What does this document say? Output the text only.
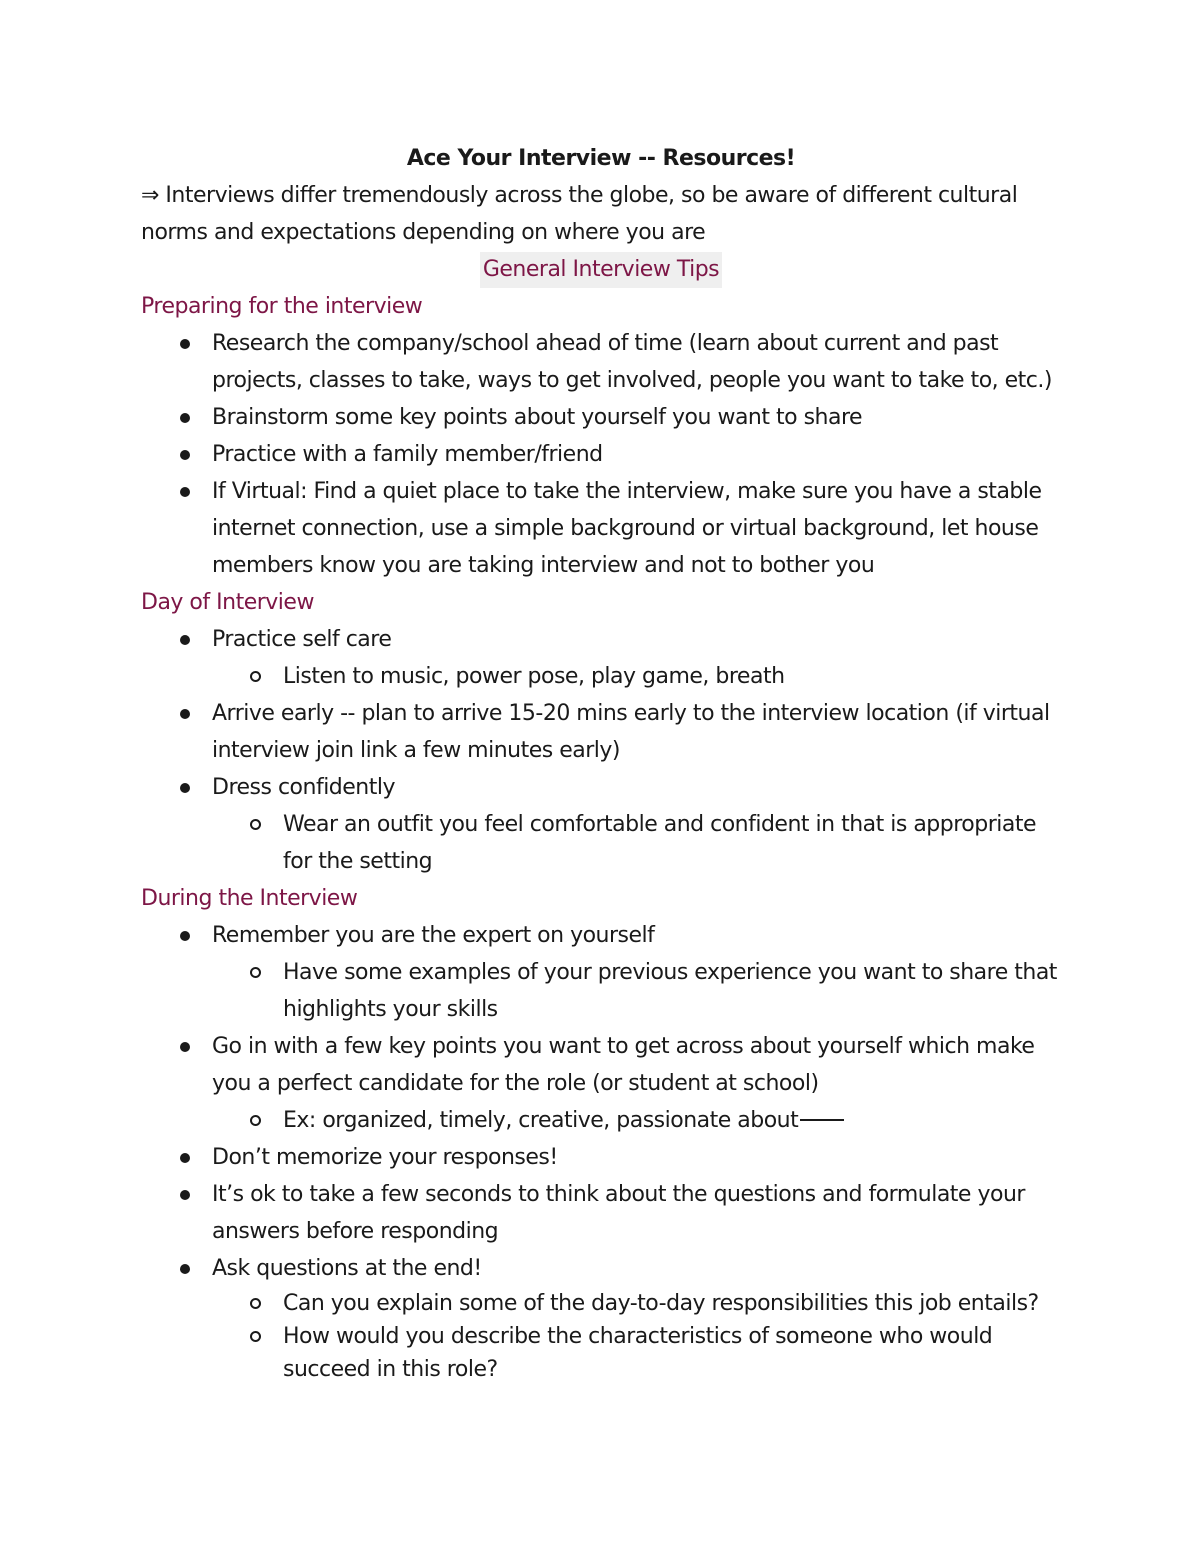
Ace Your Interview -- Resources!

⇒ Interviews differ tremendously across the globe, so be aware of different cultural norms and expectations depending on where you are

General Interview Tips

Preparing for the interview

Research the company/school ahead of time (learn about current and past projects, classes to take, ways to get involved, people you want to take to, etc.)
Brainstorm some key points about yourself you want to share
Practice with a family member/friend
If Virtual: Find a quiet place to take the interview, make sure you have a stable internet connection, use a simple background or virtual background, let house members know you are taking interview and not to bother you

Day of Interview

Practice self care
Listen to music, power pose, play game, breath
Arrive early -- plan to arrive 15-20 mins early to the interview location (if virtual interview join link a few minutes early)
Dress confidently
Wear an outfit you feel comfortable and confident in that is appropriate for the setting

During the Interview

Remember you are the expert on yourself
Have some examples of your previous experience you want to share that highlights your skills
Go in with a few key points you want to get across about yourself which make you a perfect candidate for the role (or student at school)
Ex: organized, timely, creative, passionate about
Don’t memorize your responses!
It’s ok to take a few seconds to think about the questions and formulate your answers before responding
Ask questions at the end!
Can you explain some of the day-to-day responsibilities this job entails?
How would you describe the characteristics of someone who would succeed in this role?
